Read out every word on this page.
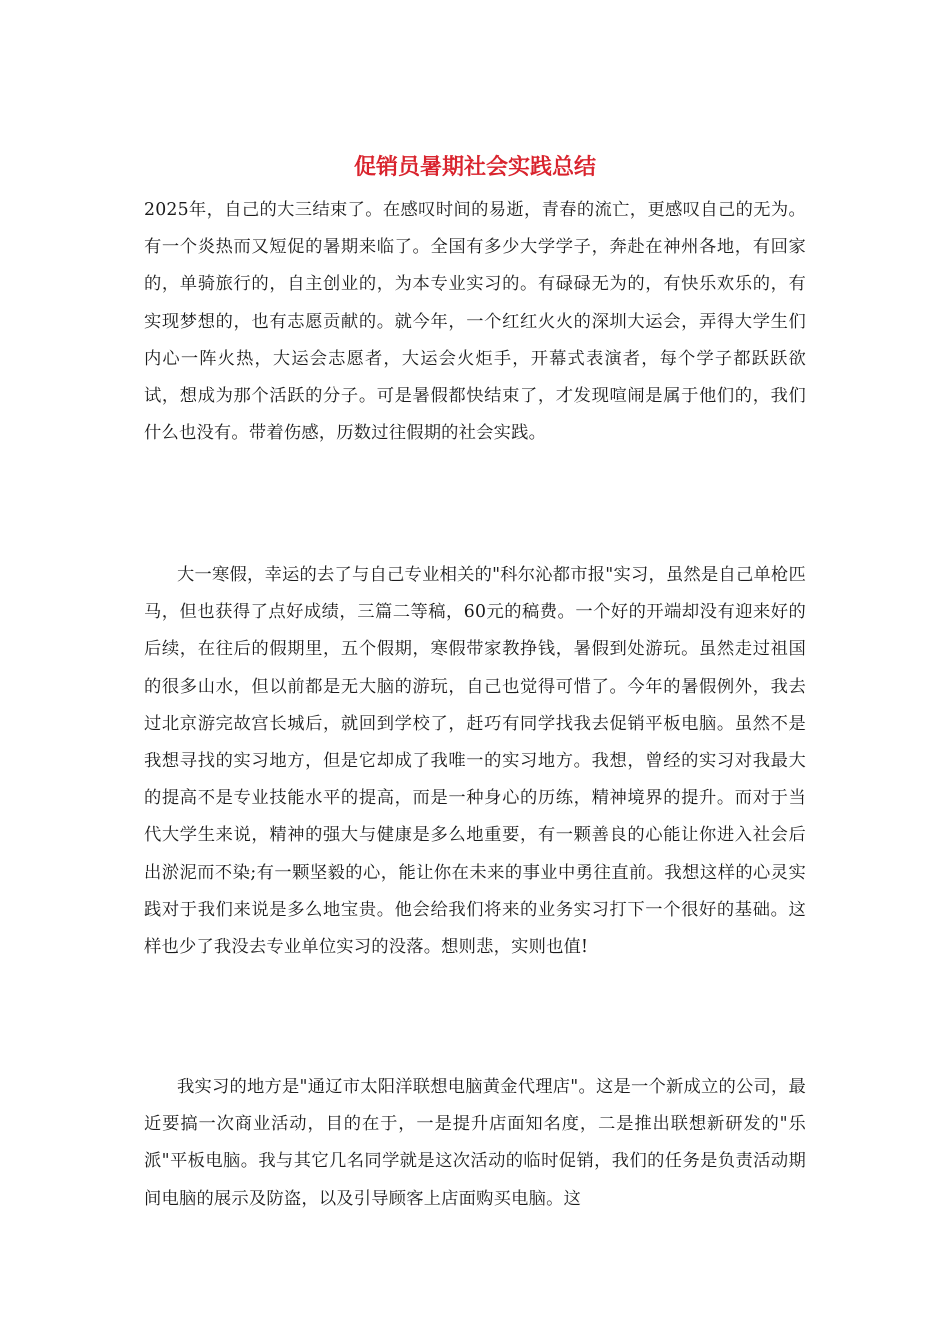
促销员暑期社会实践总结

2025年，自己的大三结束了。在感叹时间的易逝，青春的流亡，更感叹自己的无为。有一个炎热而又短促的暑期来临了。全国有多少大学学子，奔赴在神州各地，有回家的，单骑旅行的，自主创业的，为本专业实习的。有碌碌无为的，有快乐欢乐的，有实现梦想的，也有志愿贡献的。就今年，一个红红火火的深圳大运会，弄得大学生们内心一阵火热，大运会志愿者，大运会火炬手，开幕式表演者，每个学子都跃跃欲试，想成为那个活跃的分子。可是暑假都快结束了，才发现喧闹是属于他们的，我们什么也没有。带着伤感，历数过往假期的社会实践。

大一寒假，幸运的去了与自己专业相关的"科尔沁都市报"实习，虽然是自己单枪匹马，但也获得了点好成绩，三篇二等稿，60元的稿费。一个好的开端却没有迎来好的后续，在往后的假期里，五个假期，寒假带家教挣钱，暑假到处游玩。虽然走过祖国的很多山水，但以前都是无大脑的游玩，自己也觉得可惜了。今年的暑假例外，我去过北京游完故宫长城后，就回到学校了，赶巧有同学找我去促销平板电脑。虽然不是我想寻找的实习地方，但是它却成了我唯一的实习地方。我想，曾经的实习对我最大的提高不是专业技能水平的提高，而是一种身心的历练，精神境界的提升。而对于当代大学生来说，精神的强大与健康是多么地重要，有一颗善良的心能让你进入社会后出淤泥而不染;有一颗坚毅的心，能让你在未来的事业中勇往直前。我想这样的心灵实践对于我们来说是多么地宝贵。他会给我们将来的业务实习打下一个很好的基础。这样也少了我没去专业单位实习的没落。想则悲，实则也值!

我实习的地方是"通辽市太阳洋联想电脑黄金代理店"。这是一个新成立的公司，最近要搞一次商业活动，目的在于，一是提升店面知名度，二是推出联想新研发的"乐派"平板电脑。我与其它几名同学就是这次活动的临时促销，我们的任务是负责活动期间电脑的展示及防盗，以及引导顾客上店面购买电脑。这
